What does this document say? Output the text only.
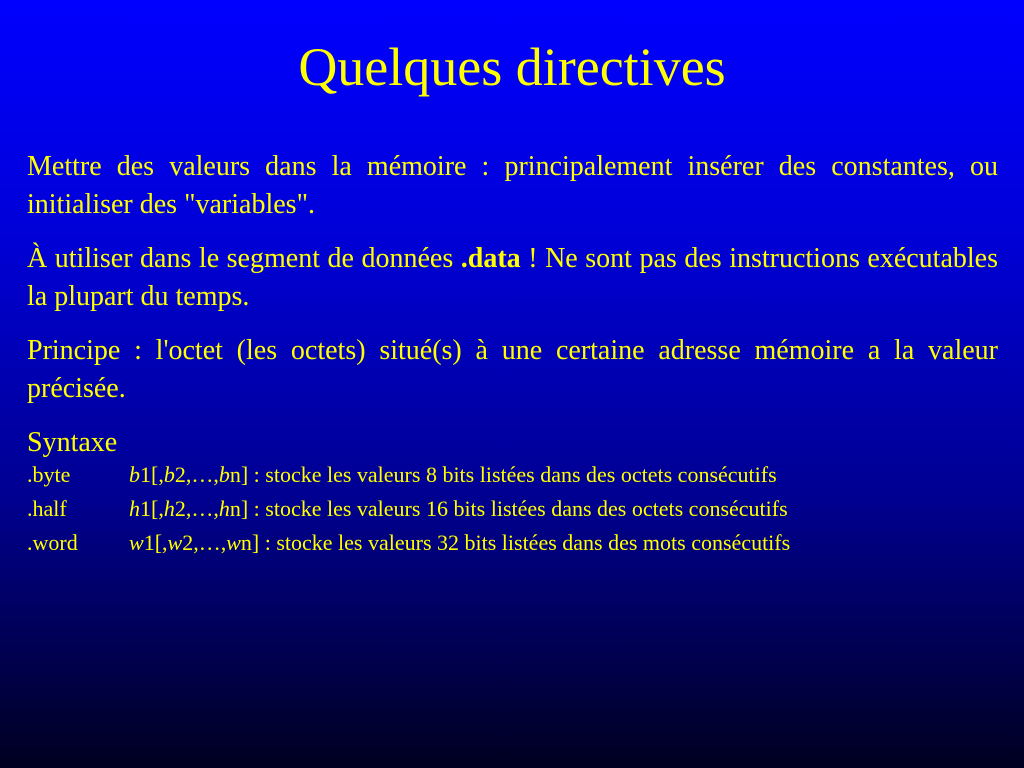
Quelques directives

Mettre des valeurs dans la mémoire : principalement insérer des constantes, ou initialiser des "variables".

À utiliser dans le segment de données .data ! Ne sont pas des instructions exécutables la plupart du temps.

Principe : l'octet (les octets) situé(s) à une certaine adresse mémoire a la valeur précisée.

Syntaxe
.byte	b1[,b2,…,bn] : stocke les valeurs 8 bits listées dans des octets consécutifs
.half	h1[,h2,…,hn] : stocke les valeurs 16 bits listées dans des octets consécutifs
.word	w1[,w2,…,wn] : stocke les valeurs 32 bits listées dans des mots consécutifs
